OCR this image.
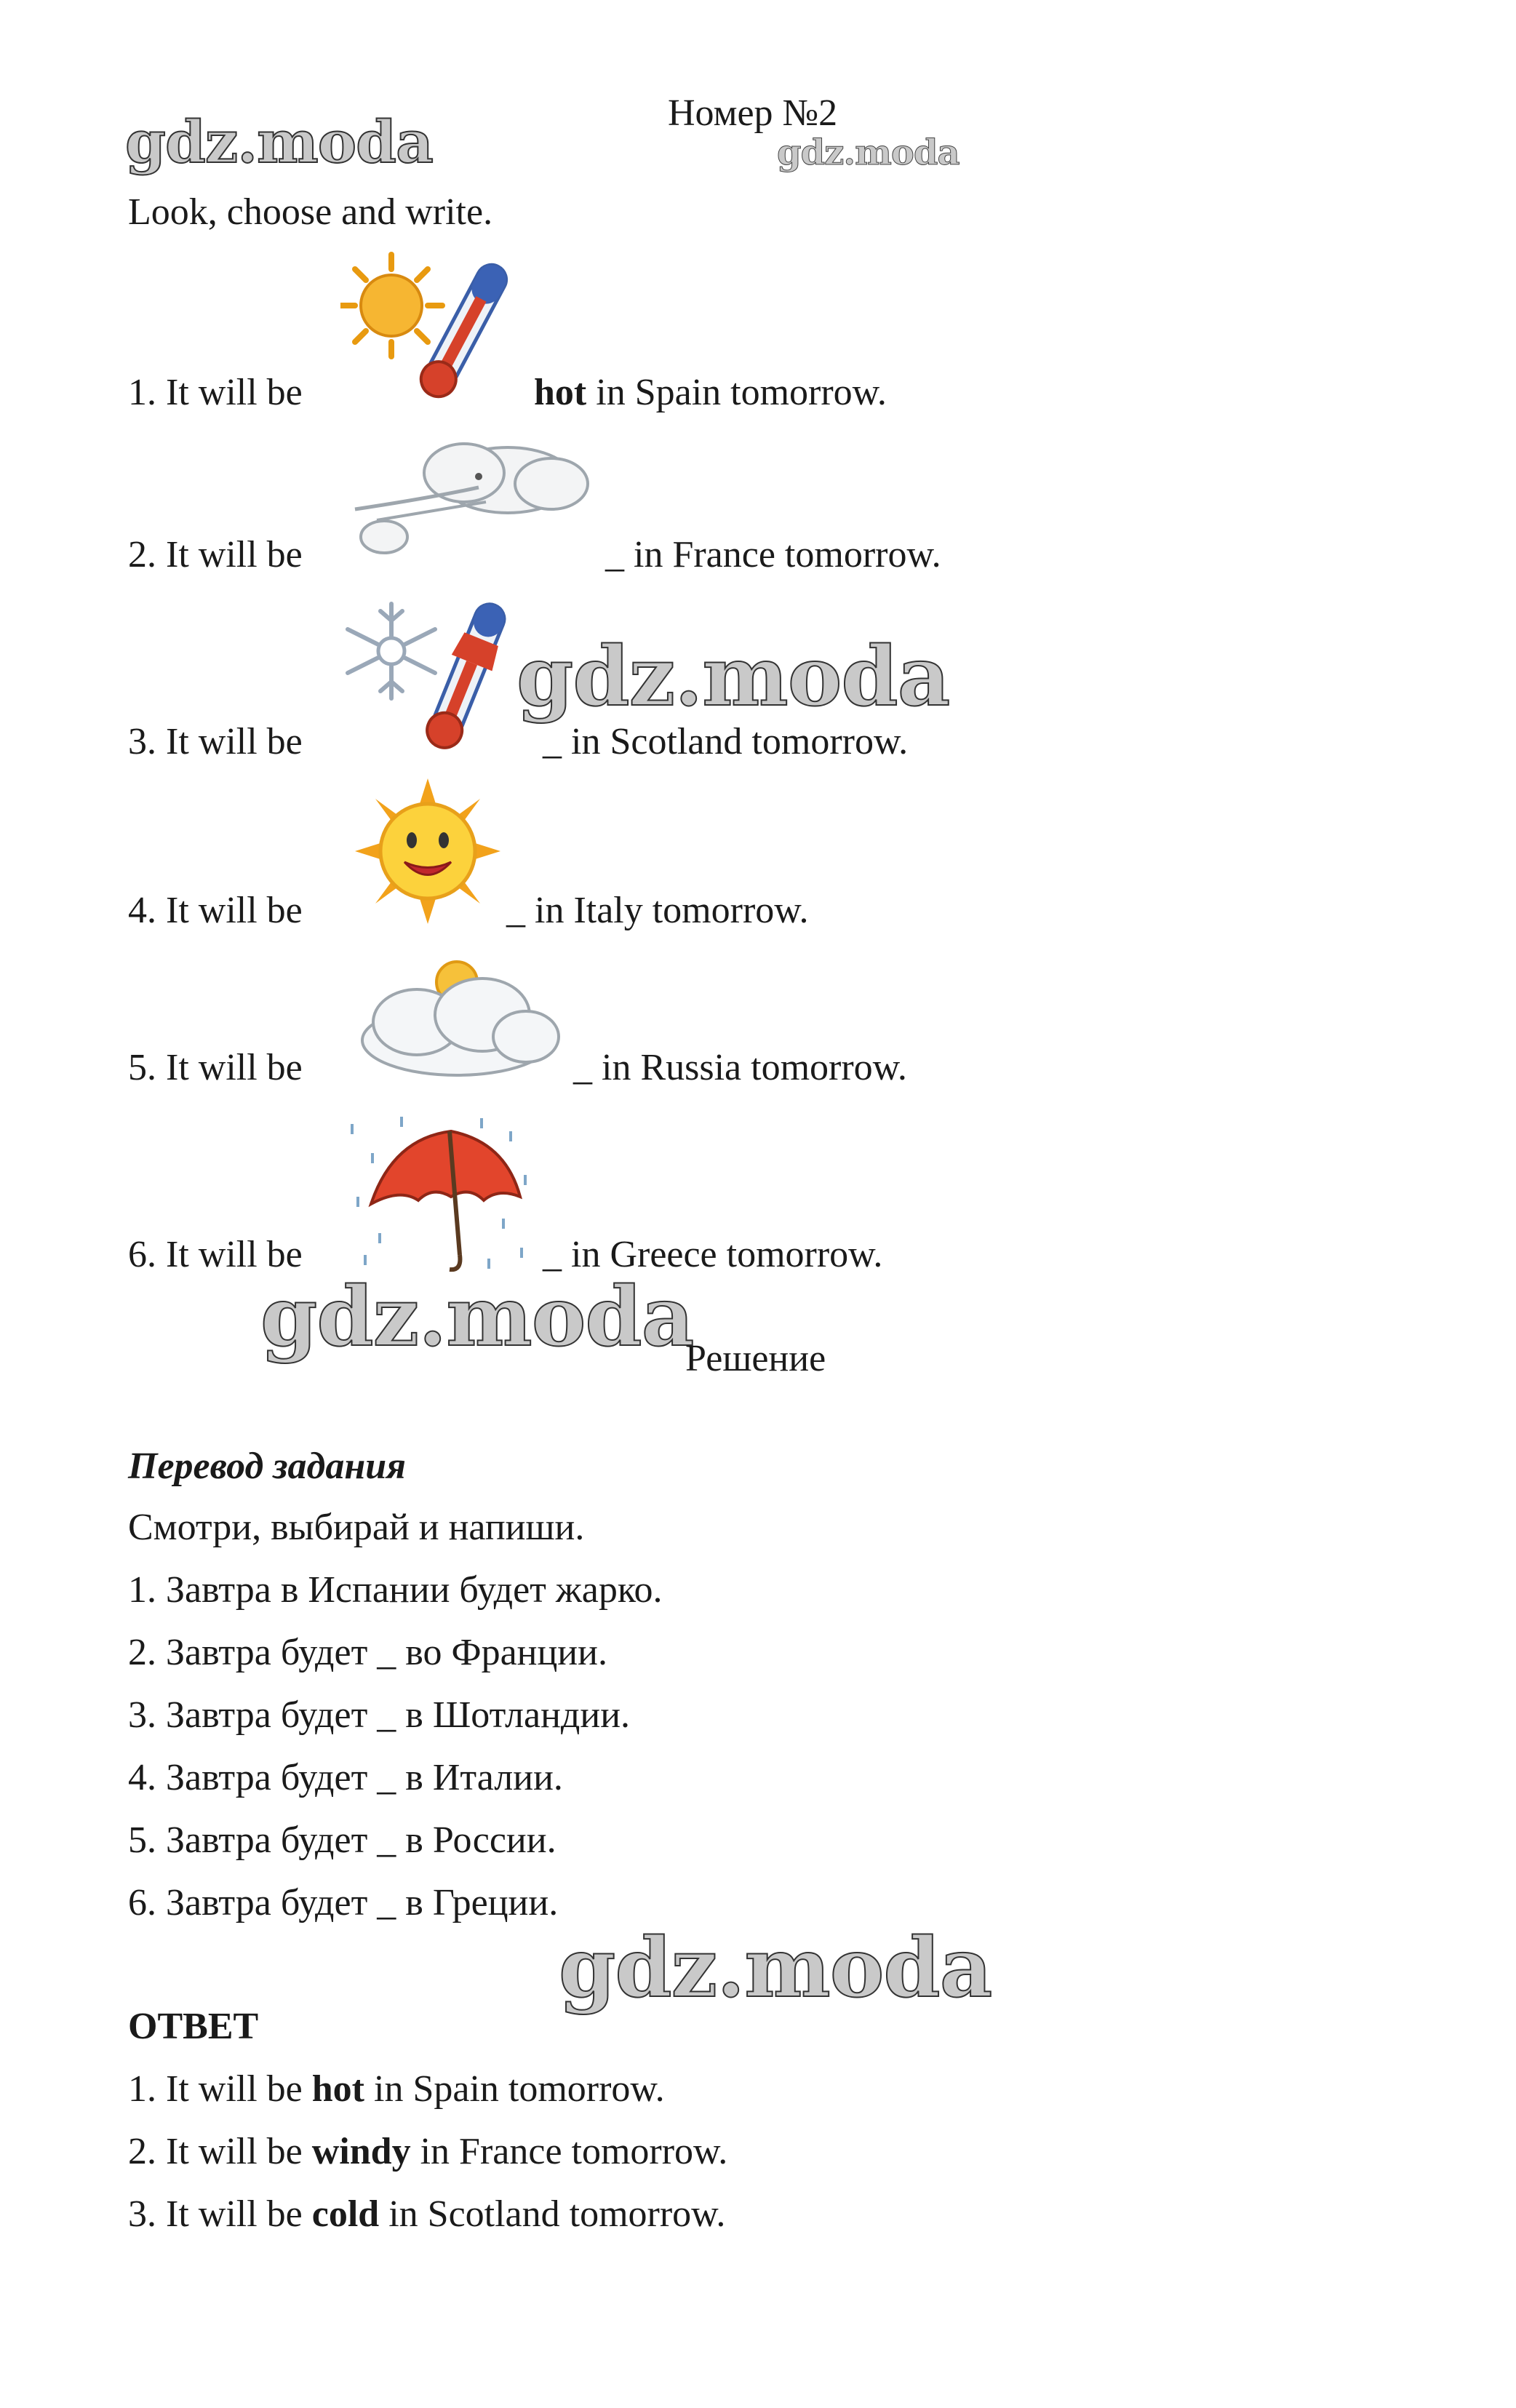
gdz.moda	gdz.moda
gdz.moda
gdz.moda
gdz.moda
Номер №2
Look, choose and write.
1. It will be	hot in Spain tomorrow.
2. It will be	_ in France tomorrow.
3. It will be	_ in Scotland tomorrow.
4. It will be	_ in Italy tomorrow.
5. It will be	_ in Russia tomorrow.
6. It will be	_ in Greece tomorrow.
Решение
Перевод задания
Смотри, выбирай и напиши.
1. Завтра в Испании будет жарко.
2. Завтра будет _ во Франции.
3. Завтра будет _ в Шотландии.
4. Завтра будет _ в Италии.
5. Завтра будет _ в России.
6. Завтра будет _ в Греции.
ОТВЕТ
1. It will be hot in Spain tomorrow.
2. It will be windy in France tomorrow.
3. It will be cold in Scotland tomorrow.
